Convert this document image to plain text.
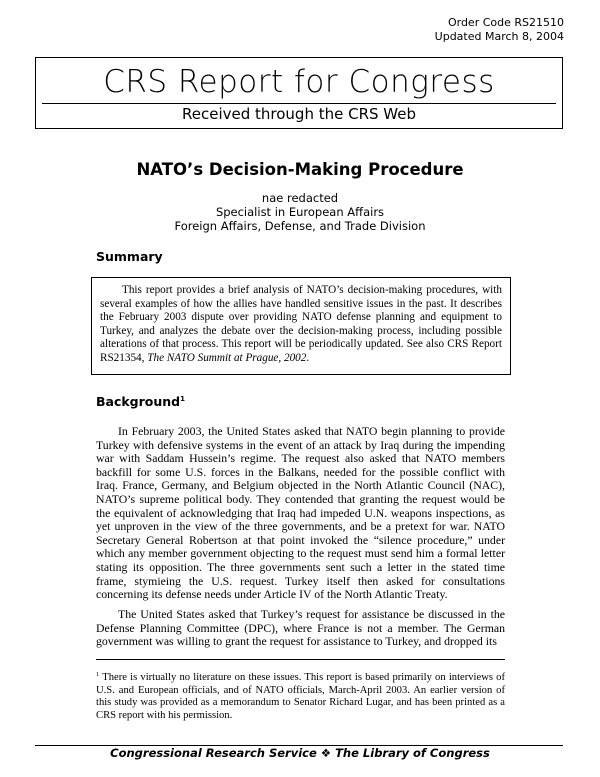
Order Code RS21510
Updated March 8, 2004
CRS Report for Congress
Received through the CRS Web
NATO’s Decision-Making Procedure
nae redacted
Specialist in European Affairs
Foreign Affairs, Defense, and Trade Division
Summary

This report provides a brief analysis of NATO’s decision-making procedures, with several examples of how the allies have handled sensitive issues in the past. It describes the February 2003 dispute over providing NATO defense planning and equipment to Turkey, and analyzes the debate over the decision-making process, including possible alterations of that process. This report will be periodically updated. See also CRS Report RS21354, The NATO Summit at Prague, 2002.

Background$^1$

In February 2003, the United States asked that NATO begin planning to provide Turkey with defensive systems in the event of an attack by Iraq during the impending war with Saddam Hussein’s regime. The request also asked that NATO members backfill for some U.S. forces in the Balkans, needed for the possible conflict with Iraq. France, Germany, and Belgium objected in the North Atlantic Council (NAC), NATO’s supreme political body. They contended that granting the request would be the equivalent of acknowledging that Iraq had impeded U.N. weapons inspections, as yet unproven in the view of the three governments, and be a pretext for war. NATO Secretary General Robertson at that point invoked the “silence procedure,” under which any member government objecting to the request must send him a formal letter stating its opposition. The three governments sent such a letter in the stated time frame, stymieing the U.S. request. Turkey itself then asked for consultations concerning its defense needs under Article IV of the North Atlantic Treaty.

The United States asked that Turkey’s request for assistance be discussed in the Defense Planning Committee (DPC), where France is not a member. The German government was willing to grant the request for assistance to Turkey, and dropped its

$^1$ There is virtually no literature on these issues. This report is based primarily on interviews of U.S. and European officials, and of NATO officials, March-April 2003. An earlier version of this study was provided as a memorandum to Senator Richard Lugar, and has been printed as a CRS report with his permission.
Congressional Research Service ❖ The Library of Congress
